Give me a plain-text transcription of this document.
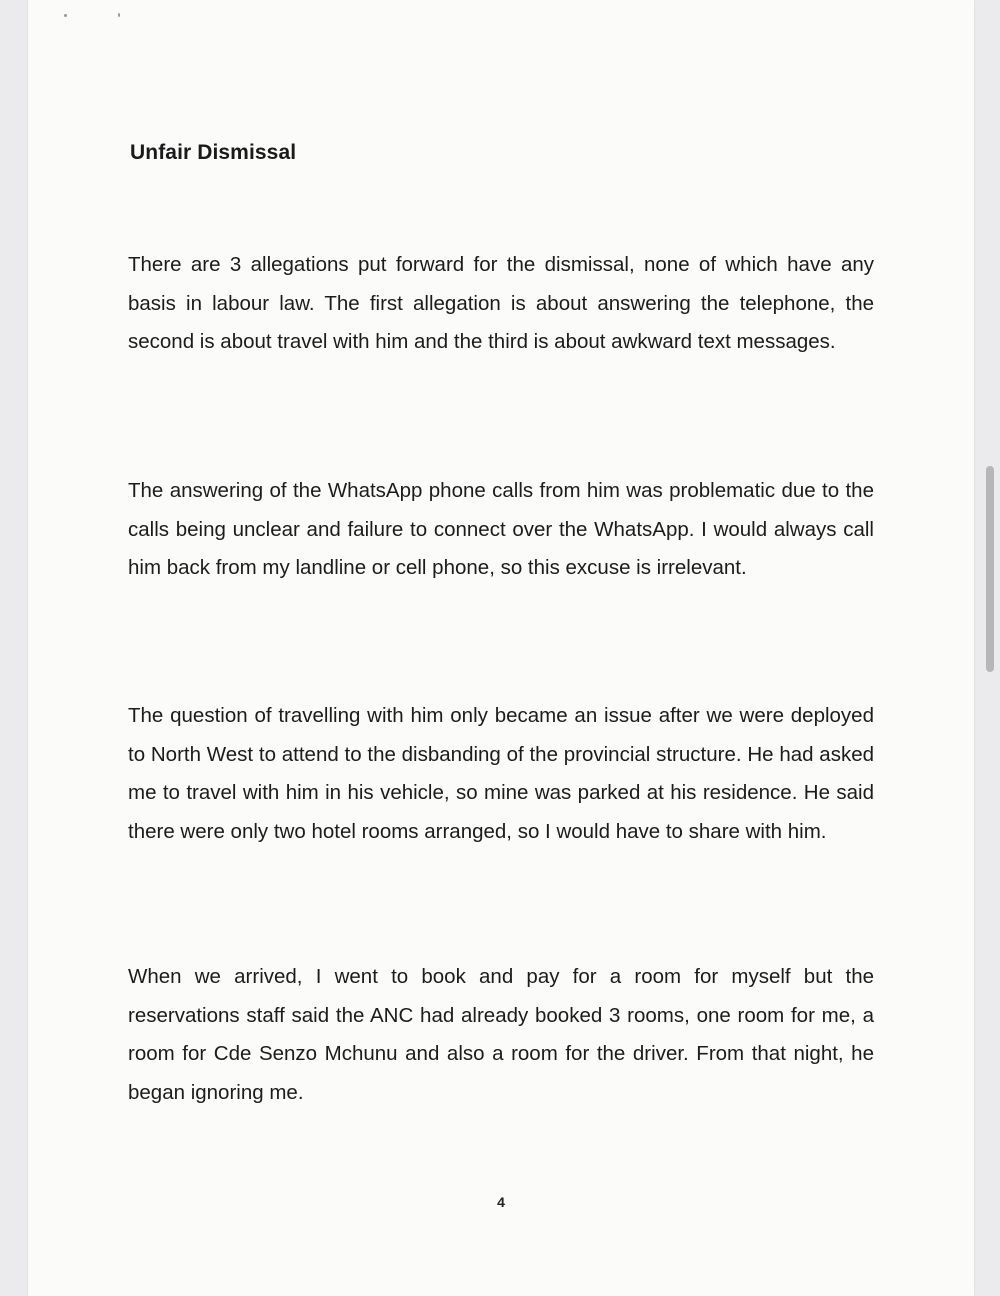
Unfair Dismissal

There are 3 allegations put forward for the dismissal, none of which have any basis in labour law. The first allegation is about answering the telephone, the second is about travel with him and the third is about awkward text messages.

The answering of the WhatsApp phone calls from him was problematic due to the calls being unclear and failure to connect over the WhatsApp. I would always call him back from my landline or cell phone, so this excuse is irrelevant.

The question of travelling with him only became an issue after we were deployed to North West to attend to the disbanding of the provincial structure. He had asked me to travel with him in his vehicle, so mine was parked at his residence. He said there were only two hotel rooms arranged, so I would have to share with him.

When we arrived, I went to book and pay for a room for myself but the reservations staff said the ANC had already booked 3 rooms, one room for me, a room for Cde Senzo Mchunu and also a room for the driver. From that night, he began ignoring me.

4
